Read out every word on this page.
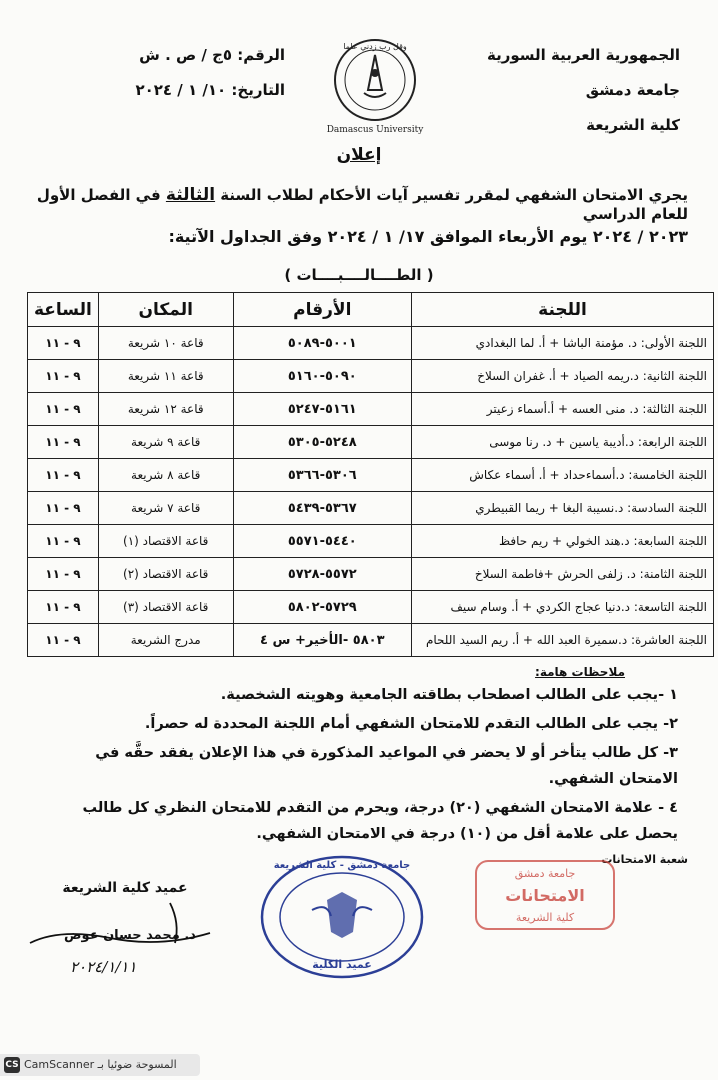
الجمهورية العربية السورية
جامعة دمشق
كلية الشريعة
Damascus University
وقل رب زدني علما
الرقم: ٥ج / ص . ش
التاريخ: ١٠/ ١ / ٢٠٢٤
إعلان
يجري الامتحان الشفهي لمقرر تفسير آيات الأحكام لطلاب السنة الثالثة في الفصل الأول للعام الدراسي
٢٠٢٣ / ٢٠٢٤ يوم الأربعاء الموافق ١٧/ ١ / ٢٠٢٤ وفق الجداول الآتية:
( الطــــالــــبــــات )
اللجنة	الأرقام	المكان	الساعة
اللجنة الأولى: د. مؤمنة الباشا + أ. لما البغدادي	٥٠٠١-٥٠٨٩	قاعة ١٠ شريعة	٩ - ١١
اللجنة الثانية: د.ريمه الصياد + أ. غفران السلاخ	٥٠٩٠-٥١٦٠	قاعة ١١ شريعة	٩ - ١١
اللجنة الثالثة: د. منى العسه + أ.أسماء زعيتر	٥١٦١-٥٢٤٧	قاعة ١٢ شريعة	٩ - ١١
اللجنة الرابعة: د.أديبة ياسين + د. رنا موسى	٥٢٤٨-٥٣٠٥	قاعة ٩ شريعة	٩ - ١١
اللجنة الخامسة: د.أسماءحداد + أ. أسماء عكاش	٥٣٠٦-٥٣٦٦	قاعة ٨ شريعة	٩ - ١١
اللجنة السادسة: د.نسيبة البغا + ريما القبيطري	٥٣٦٧-٥٤٣٩	قاعة ٧ شريعة	٩ - ١١
اللجنة السابعة: د.هند الخولي + ريم حافظ	٥٤٤٠-٥٥٧١	قاعة الاقتصاد (١)	٩ - ١١
اللجنة الثامنة: د. زلفى الحرش +فاطمة السلاخ	٥٥٧٢-٥٧٢٨	قاعة الاقتصاد (٢)	٩ - ١١
اللجنة التاسعة: د.دنيا عجاج الكردي + أ. وسام سيف	٥٧٢٩-٥٨٠٢	قاعة الاقتصاد (٣)	٩ - ١١
اللجنة العاشرة: د.سميرة العبد الله + أ. ريم السيد اللحام	٥٨٠٣ -الأخير+ س ٤	مدرج الشريعة	٩ - ١١
ملاحظات هامة:
١ -يجب على الطالب اصطحاب بطاقته الجامعية وهويته الشخصية.
٢- يجب على الطالب التقدم للامتحان الشفهي أمام اللجنة المحددة له حصراً.
٣- كل طالب يتأخر أو لا يحضر في المواعيد المذكورة في هذا الإعلان يفقد حقَّه في الامتحان الشفهي.
٤ - علامة الامتحان الشفهي (٢٠) درجة، ويحرم من التقدم للامتحان النظري كل طالب يحصل على علامة أقل من (١٠) درجة في الامتحان الشفهي.
شعبة الامتحانات
جامعة دمشق
الامتحانات
كلية الشريعة
جامعة دمشق - كلية الشريعة
عميد الكلية
عميد كلية الشريعة
د. محمد حسان عوض
٢٠٢٤/١/١١
CS المسوحة ضوئيا بـ CamScanner
